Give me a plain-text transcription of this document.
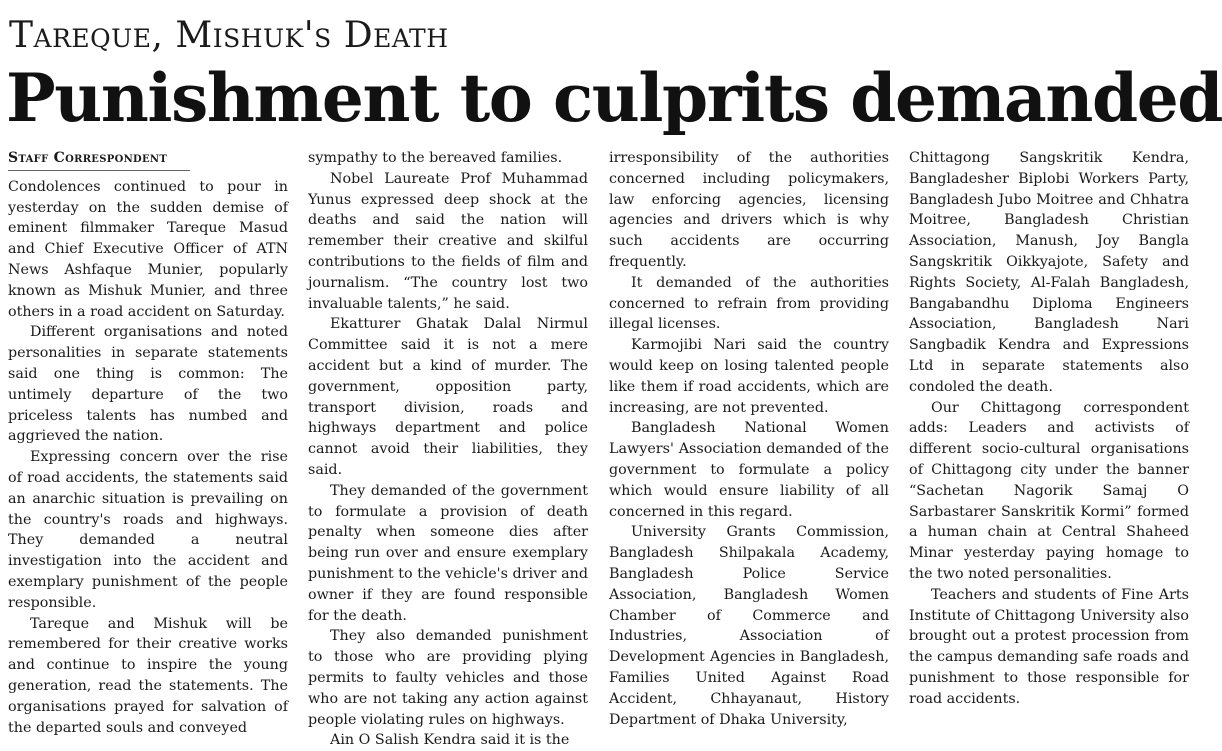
Tareque, Mishuk's Death
Punishment to culprits demanded
Staff Correspondent

Condolences continued to pour in yesterday on the sudden demise of eminent filmmaker Tareque Masud and Chief Executive Officer of ATN News Ashfaque Munier, popularly known as Mishuk Munier, and three others in a road accident on Saturday.

Different organisations and noted personalities in separate statements said one thing is common: The untimely departure of the two priceless talents has numbed and aggrieved the nation.

Expressing concern over the rise of road accidents, the statements said an anarchic situation is prevailing on the country's roads and highways. They demanded a neutral investigation into the accident and exemplary punishment of the people responsible.

Tareque and Mishuk will be remembered for their creative works and continue to inspire the young generation, read the statements. The organisations prayed for salvation of the departed souls and conveyed

sympathy to the bereaved families.

Nobel Laureate Prof Muhammad Yunus expressed deep shock at the deaths and said the nation will remember their creative and skilful contributions to the fields of film and journalism. “The country lost two invaluable talents,” he said.

Ekatturer Ghatak Dalal Nirmul Committee said it is not a mere accident but a kind of murder. The government, opposition party, transport division, roads and highways department and police cannot avoid their liabilities, they said.

They demanded of the government to formulate a provision of death penalty when someone dies after being run over and ensure exemplary punishment to the vehicle's driver and owner if they are found responsible for the death.

They also demanded punishment to those who are providing plying permits to faulty vehicles and those who are not taking any action against people violating rules on highways.

Ain O Salish Kendra said it is the

irresponsibility of the authorities concerned including policymakers, law enforcing agencies, licensing agencies and drivers which is why such accidents are occurring frequently.

It demanded of the authorities concerned to refrain from providing illegal licenses.

Karmojibi Nari said the country would keep on losing talented people like them if road accidents, which are increasing, are not prevented.

Bangladesh National Women Lawyers' Association demanded of the government to formulate a policy which would ensure liability of all concerned in this regard.

University Grants Commission, Bangladesh Shilpakala Academy, Bangladesh Police Service Association, Bangladesh Women Chamber of Commerce and Industries, Association of Development Agencies in Bangladesh, Families United Against Road Accident, Chhayanaut, History Department of Dhaka University,

Chittagong Sangskritik Kendra, Bangladesher Biplobi Workers Party, Bangladesh Jubo Moitree and Chhatra Moitree, Bangladesh Christian Association, Manush, Joy Bangla Sangskritik Oikkyajote, Safety and Rights Society, Al-Falah Bangladesh, Bangabandhu Diploma Engineers Association, Bangladesh Nari Sangbadik Kendra and Expressions Ltd in separate statements also condoled the death.

Our Chittagong correspondent adds: Leaders and activists of different socio-cultural organisations of Chittagong city under the banner “Sachetan Nagorik Samaj O Sarbastarer Sanskritik Kormi” formed a human chain at Central Shaheed Minar yesterday paying homage to the two noted personalities.

Teachers and students of Fine Arts Institute of Chittagong University also brought out a protest procession from the campus demanding safe roads and punishment to those responsible for road accidents.
